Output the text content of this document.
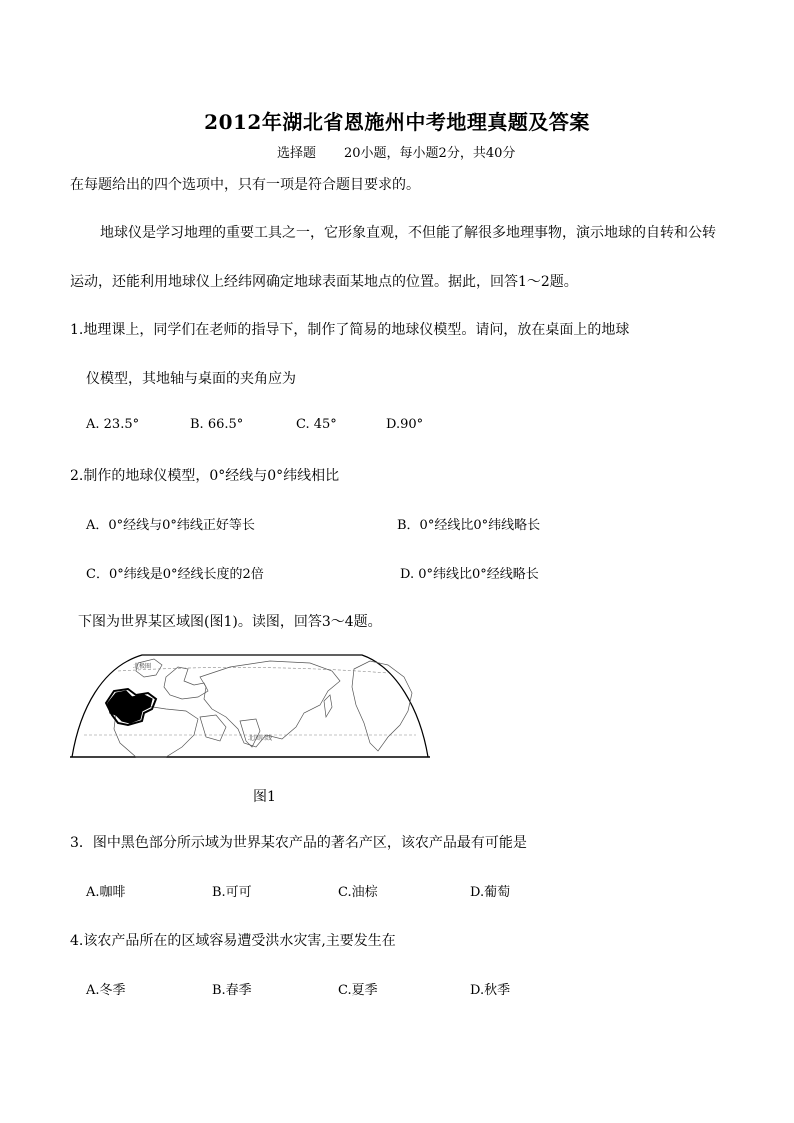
2012年湖北省恩施州中考地理真题及答案
选择题 20小题，每小题2分，共40分
在每题给出的四个选项中，只有一项是符合题目要求的。
地球仪是学习地理的重要工具之一，它形象直观，不但能了解很多地理事物，演示地球的自转和公转
运动，还能利用地球仪上经纬网确定地球表面某地点的位置。据此，回答1～2题。
1.地理课上，同学们在老师的指导下，制作了简易的地球仪模型。请问，放在桌面上的地球
仪模型，其地轴与桌面的夹角应为
A. 23.5°	B. 66.5°	C. 45°	D.90°
2.制作的地球仪模型，0°经线与0°纬线相比
A．0°经线与0°纬线正好等长	B．0°经线比0°纬线略长
C．0°纬线是0°经线长度的2倍	D. 0°纬线比0°经线略长
下图为世界某区域图(图1)。读图，回答3～4题。
北极圈
北回归线
图1
3．图中黑色部分所示域为世界某农产品的著名产区，该农产品最有可能是
A.咖啡	B.可可	C.油棕	D.葡萄
4.该农产品所在的区域容易遭受洪水灾害,主要发生在
A.冬季	B.春季	C.夏季	D.秋季
